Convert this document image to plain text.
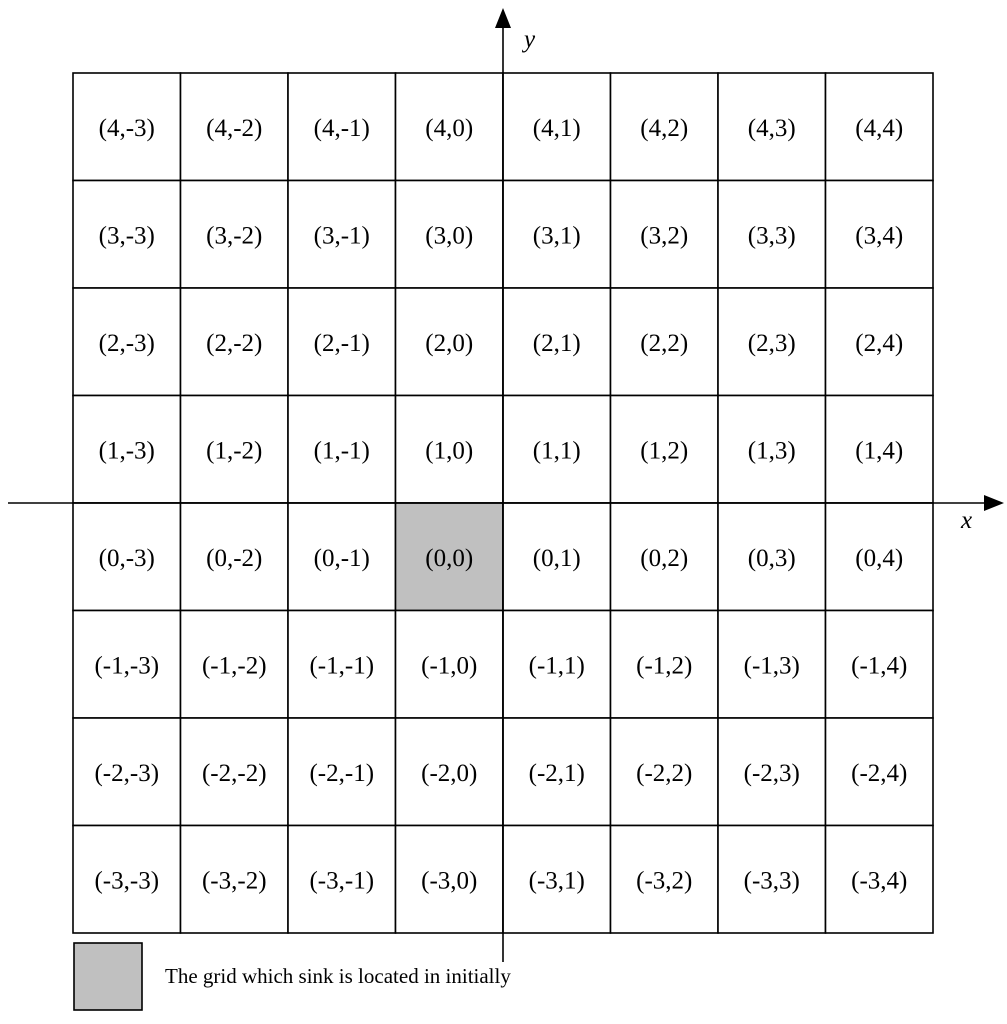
(4,-3) (4,-2) (4,-1) (4,0) (4,1) (4,2) (4,3) (4,4)
(3,-3) (3,-2) (3,-1) (3,0) (3,1) (3,2) (3,3) (3,4)
(2,-3) (2,-2) (2,-1) (2,0) (2,1) (2,2) (2,3) (2,4)
(1,-3) (1,-2) (1,-1) (1,0) (1,1) (1,2) (1,3) (1,4)
(0,-3) (0,-2) (0,-1) (0,0) (0,1) (0,2) (0,3) (0,4)
(-1,-3) (-1,-2) (-1,-1) (-1,0) (-1,1) (-1,2) (-1,3) (-1,4)
(-2,-3) (-2,-2) (-2,-1) (-2,0) (-2,1) (-2,2) (-2,3) (-2,4)
(-3,-3) (-3,-2) (-3,-1) (-3,0) (-3,1) (-3,2) (-3,3) (-3,4)
x
y
The grid which sink is located in initially
